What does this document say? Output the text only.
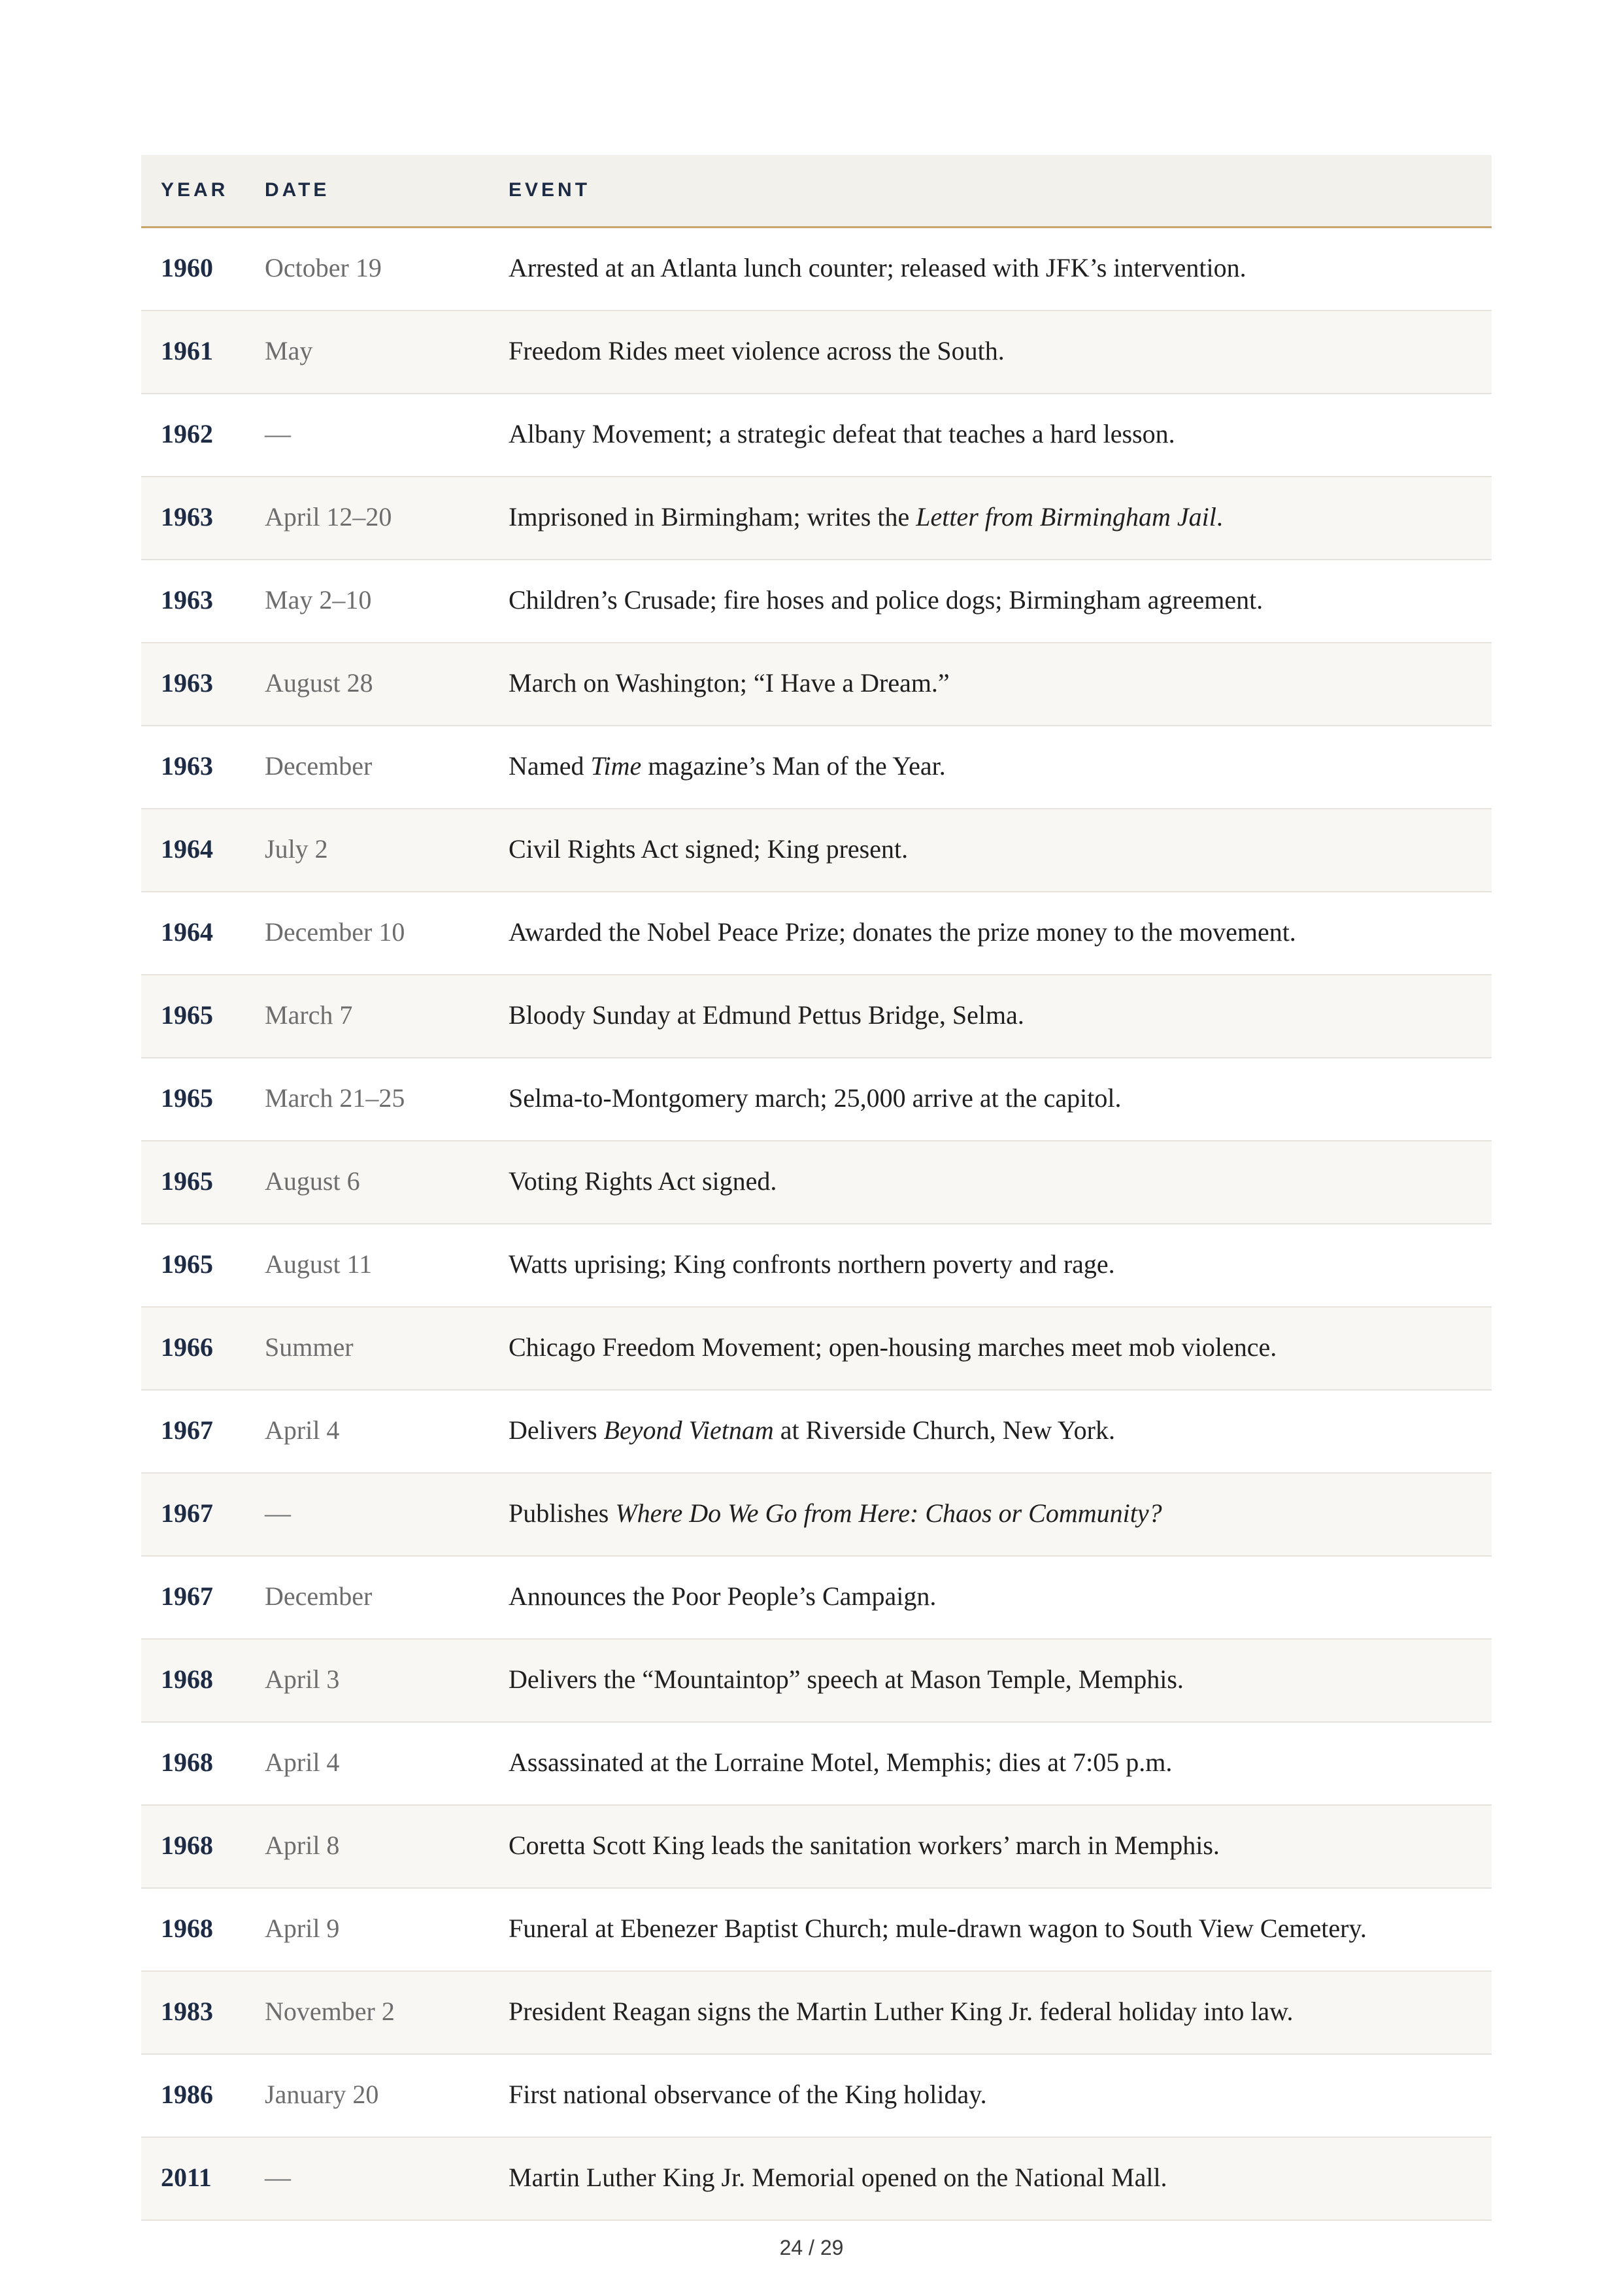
YEAR	DATE	EVENT
1960	October 19	Arrested at an Atlanta lunch counter; released with JFK’s intervention.
1961	May	Freedom Rides meet violence across the South.
1962	—	Albany Movement; a strategic defeat that teaches a hard lesson.
1963	April 12–20	Imprisoned in Birmingham; writes the Letter from Birmingham Jail.
1963	May 2–10	Children’s Crusade; fire hoses and police dogs; Birmingham agreement.
1963	August 28	March on Washington; “I Have a Dream.”
1963	December	Named Time magazine’s Man of the Year.
1964	July 2	Civil Rights Act signed; King present.
1964	December 10	Awarded the Nobel Peace Prize; donates the prize money to the movement.
1965	March 7	Bloody Sunday at Edmund Pettus Bridge, Selma.
1965	March 21–25	Selma-to-Montgomery march; 25,000 arrive at the capitol.
1965	August 6	Voting Rights Act signed.
1965	August 11	Watts uprising; King confronts northern poverty and rage.
1966	Summer	Chicago Freedom Movement; open-housing marches meet mob violence.
1967	April 4	Delivers Beyond Vietnam at Riverside Church, New York.
1967	—	Publishes Where Do We Go from Here: Chaos or Community?
1967	December	Announces the Poor People’s Campaign.
1968	April 3	Delivers the “Mountaintop” speech at Mason Temple, Memphis.
1968	April 4	Assassinated at the Lorraine Motel, Memphis; dies at 7:05 p.m.
1968	April 8	Coretta Scott King leads the sanitation workers’ march in Memphis.
1968	April 9	Funeral at Ebenezer Baptist Church; mule-drawn wagon to South View Cemetery.
1983	November 2	President Reagan signs the Martin Luther King Jr. federal holiday into law.
1986	January 20	First national observance of the King holiday.
2011	—	Martin Luther King Jr. Memorial opened on the National Mall.
24 / 29
